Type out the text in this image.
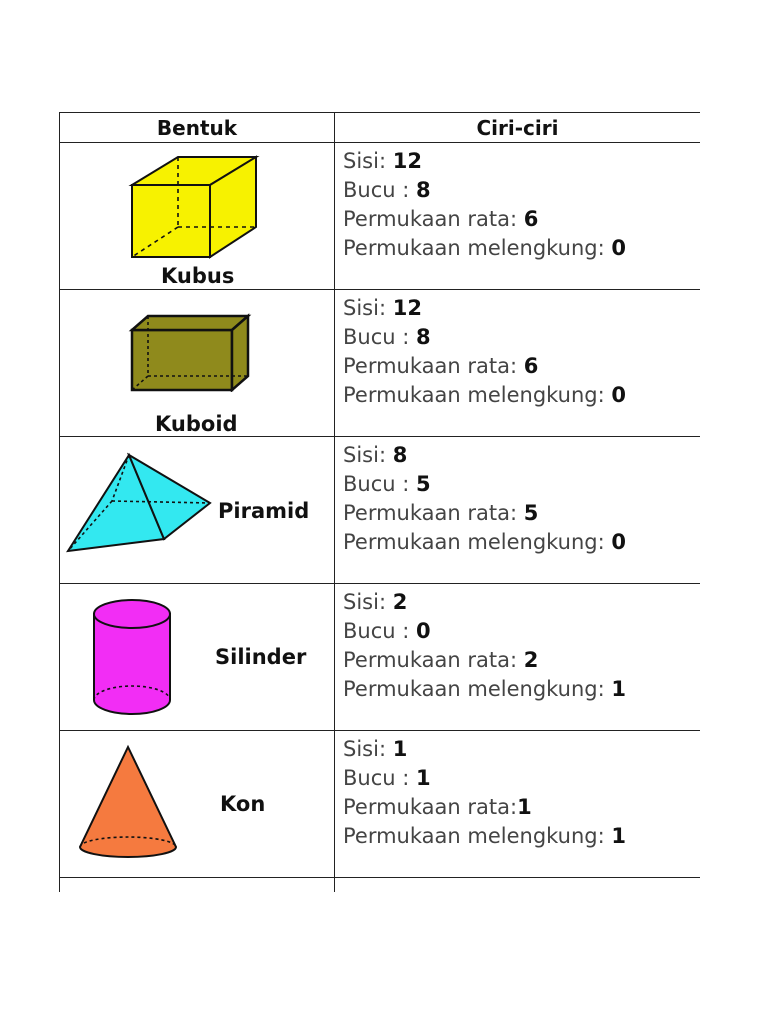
Bentuk	Ciri-ciri

Kubus	Sisi: 12
Bucu : 8
Permukaan rata: 6
Permukaan melengkung: 0

Kuboid	Sisi: 12
Bucu : 8
Permukaan rata: 6
Permukaan melengkung: 0

Piramid	Sisi: 8
Bucu : 5
Permukaan rata: 5
Permukaan melengkung: 0

Silinder	Sisi: 2
Bucu : 0
Permukaan rata: 2
Permukaan melengkung: 1

Kon	Sisi: 1
Bucu : 1
Permukaan rata:1
Permukaan melengkung: 1
